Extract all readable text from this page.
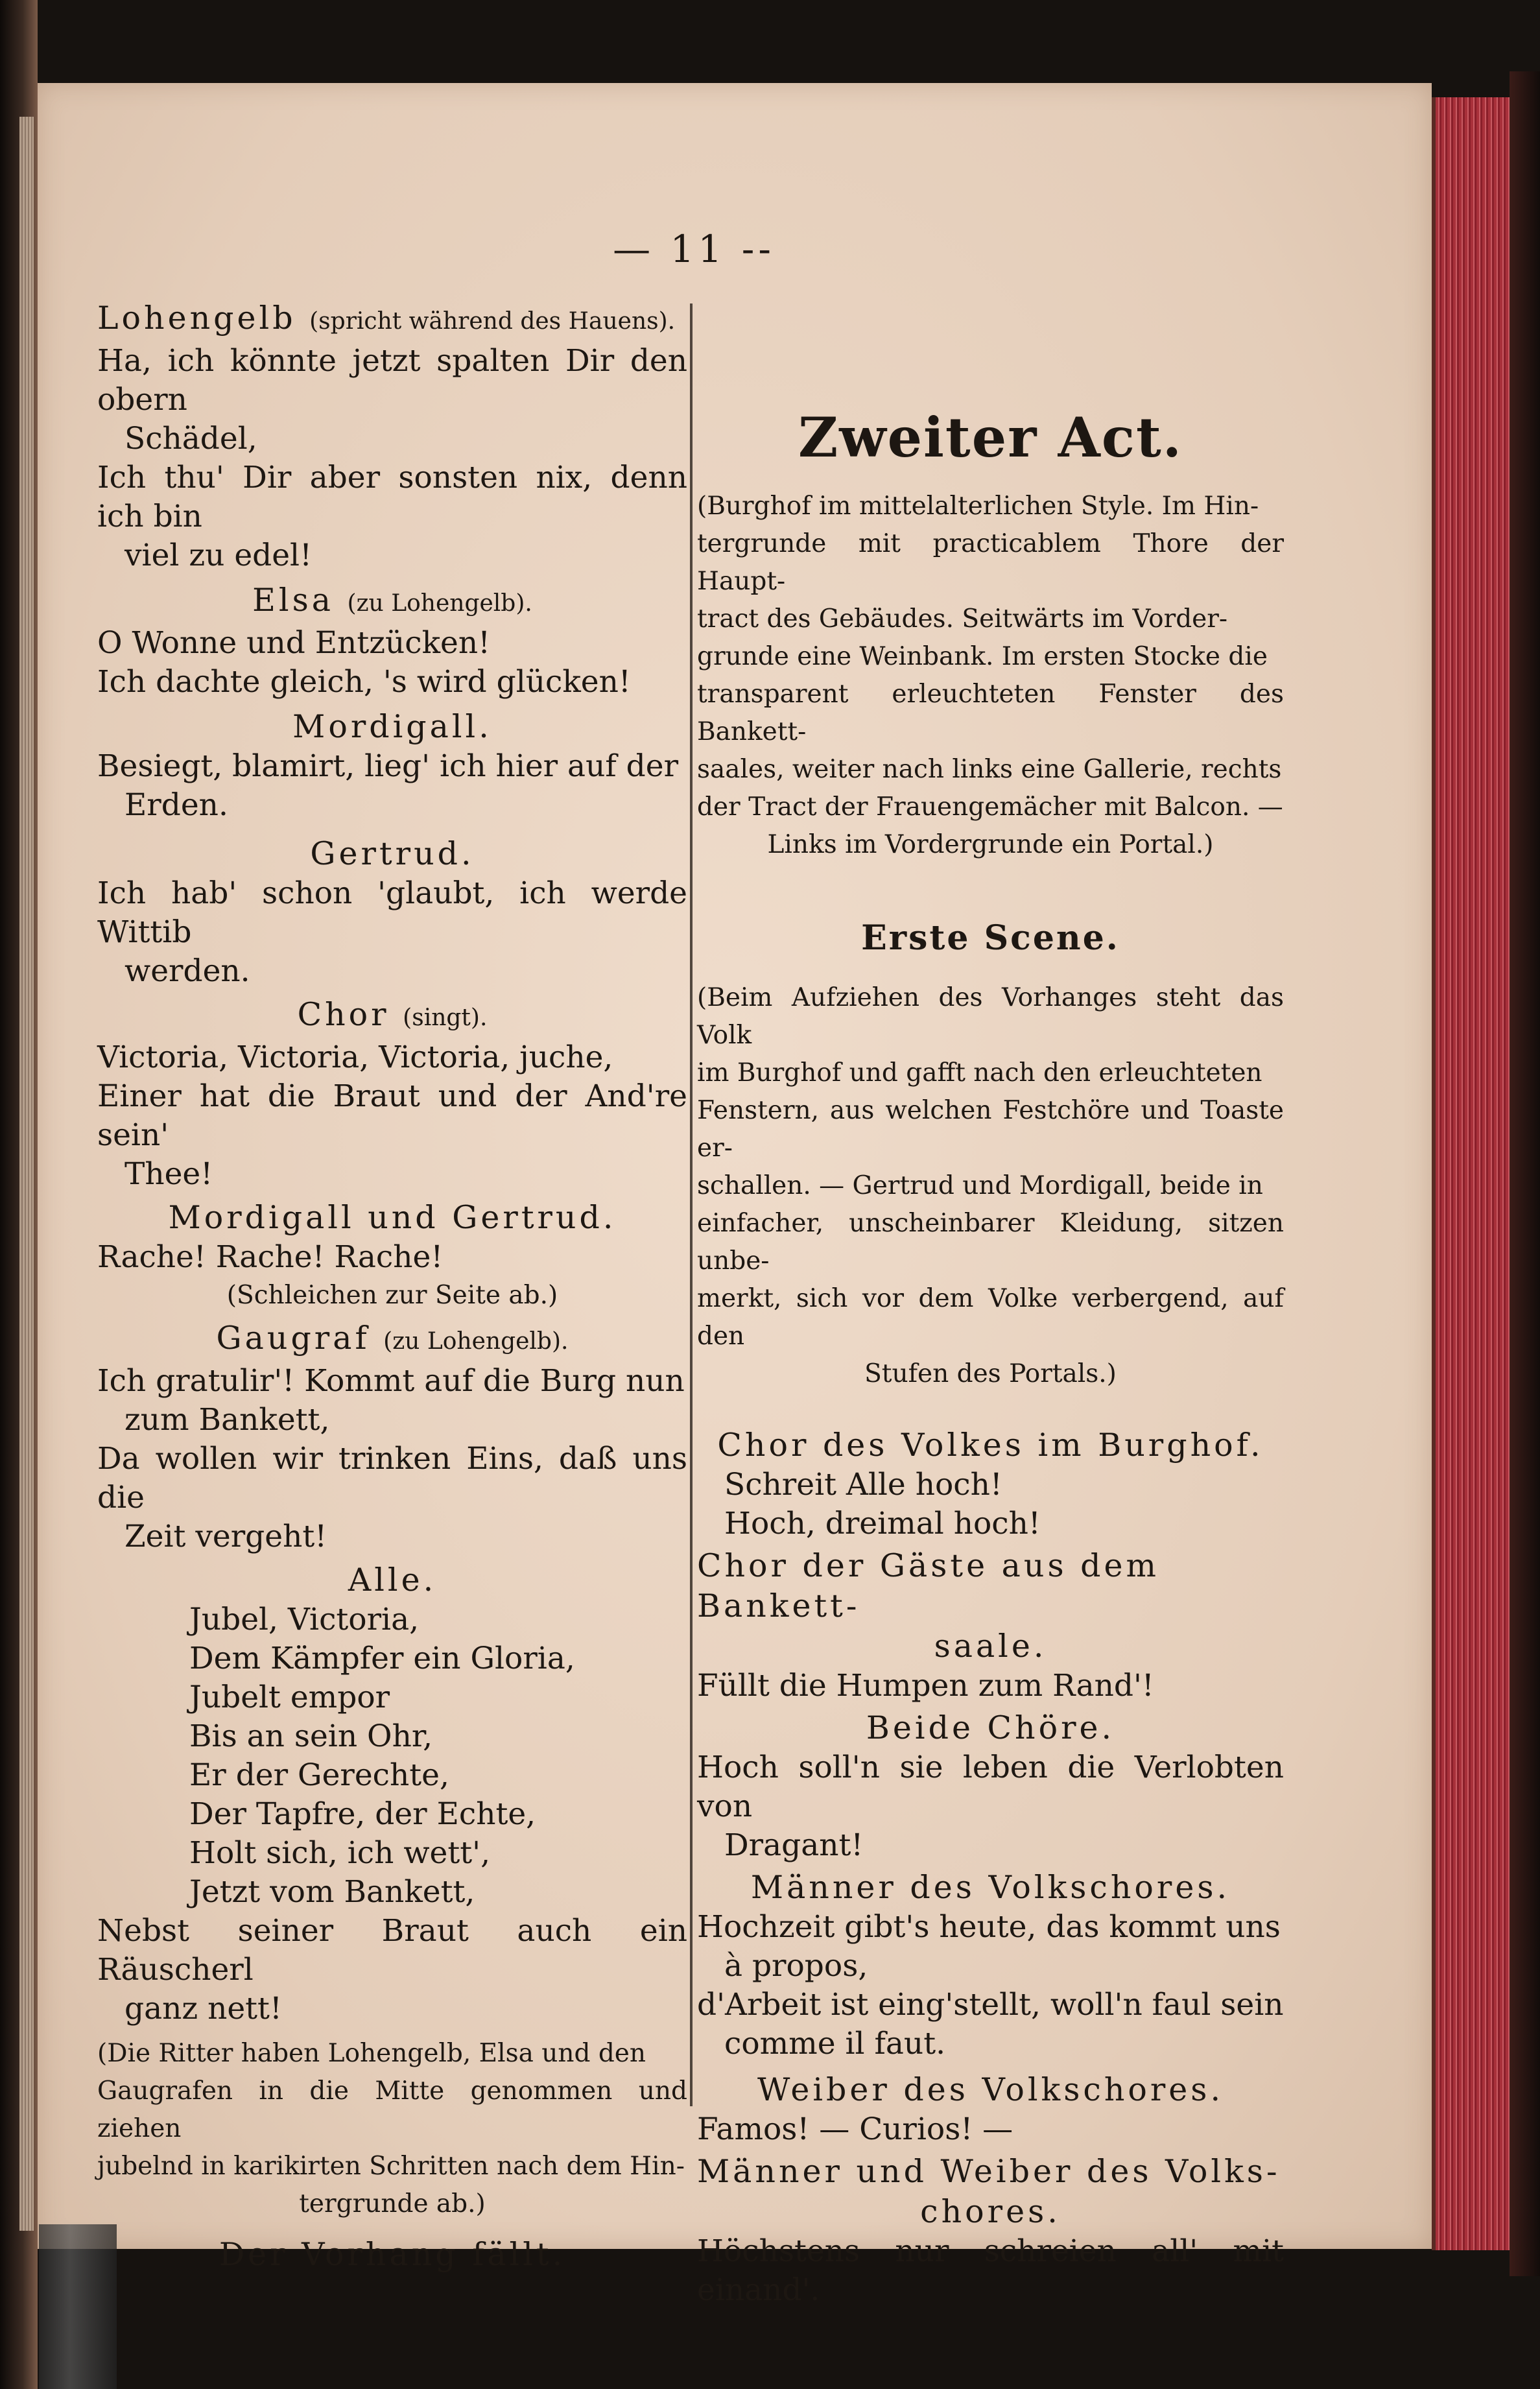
— 11 --
Lohengelb (spricht während des Hauens).
Ha, ich könnte jetzt spalten Dir den obern
Schädel,
Ich thu' Dir aber sonsten nix, denn ich bin
viel zu edel!
Elsa (zu Lohengelb).
O Wonne und Entzücken!
Ich dachte gleich, 's wird glücken!
Mordigall.
Besiegt, blamirt, lieg' ich hier auf der
Erden.
Gertrud.
Ich hab' schon 'glaubt, ich werde Wittib
werden.
Chor (singt).
Victoria, Victoria, Victoria, juche,
Einer hat die Braut und der And're sein'
Thee!
Mordigall und Gertrud.
Rache! Rache! Rache!
(Schleichen zur Seite ab.)
Gaugraf (zu Lohengelb).
Ich gratulir'! Kommt auf die Burg nun
zum Bankett,
Da wollen wir trinken Eins, daß uns die
Zeit vergeht!
Alle.
Jubel, Victoria,
Dem Kämpfer ein Gloria,
Jubelt empor
Bis an sein Ohr,
Er der Gerechte,
Der Tapfre, der Echte,
Holt sich, ich wett',
Jetzt vom Bankett,
Nebst seiner Braut auch ein Räuscherl
ganz nett!
(Die Ritter haben Lohengelb, Elsa und den
Gaugrafen in die Mitte genommen und ziehen
jubelnd in karikirten Schritten nach dem Hin-
tergrunde ab.)
Der Vorhang fällt.
Zweiter Act.
(Burghof im mittelalterlichen Style. Im Hin-
tergrunde mit practicablem Thore der Haupt-
tract des Gebäudes. Seitwärts im Vorder-
grunde eine Weinbank. Im ersten Stocke die
transparent erleuchteten Fenster des Bankett-
saales, weiter nach links eine Gallerie, rechts
der Tract der Frauengemächer mit Balcon. —
Links im Vordergrunde ein Portal.)
Erste Scene.
(Beim Aufziehen des Vorhanges steht das Volk
im Burghof und gafft nach den erleuchteten
Fenstern, aus welchen Festchöre und Toaste er-
schallen. — Gertrud und Mordigall, beide in
einfacher, unscheinbarer Kleidung, sitzen unbe-
merkt, sich vor dem Volke verbergend, auf den
Stufen des Portals.)
Chor des Volkes im Burghof.
Schreit Alle hoch!
Hoch, dreimal hoch!
Chor der Gäste aus dem Bankett-
saale.
Füllt die Humpen zum Rand'!
Beide Chöre.
Hoch soll'n sie leben die Verlobten von
Dragant!
Männer des Volkschores.
Hochzeit gibt's heute, das kommt uns
à propos,
d'Arbeit ist eing'stellt, woll'n faul sein
comme il faut.
Weiber des Volkschores.
Famos! — Curios! —
Männer und Weiber des Volks-
chores.
Höchstens nur schreien all' mit einand'.
